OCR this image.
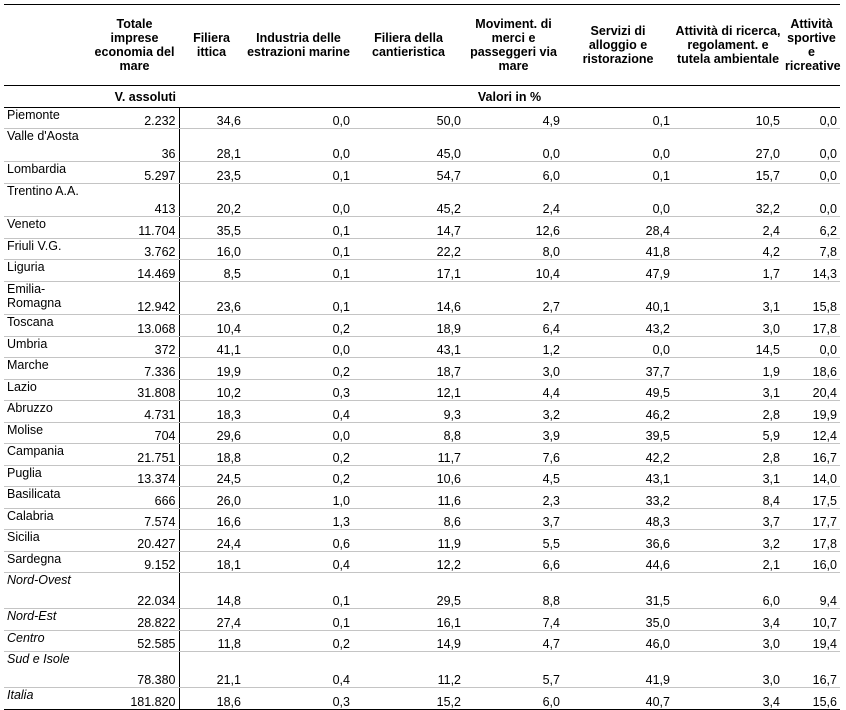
	Totale imprese economia del mare	Filiera ittica	Industria delle estrazioni marine	Filiera della cantieristica	Moviment. di merci e passeggeri via mare	Servizi di alloggio e ristorazione	Attività di ricerca, regolament. e tutela ambientale	Attività sportive e ricreative
	V. assoluti	Valori in %						
Piemonte	2.232	34,6	0,0	50,0	4,9	0,1	10,5	0,0
Valle d'Aosta	36	28,1	0,0	45,0	0,0	0,0	27,0	0,0
Lombardia	5.297	23,5	0,1	54,7	6,0	0,1	15,7	0,0
Trentino A.A.	413	20,2	0,0	45,2	2,4	0,0	32,2	0,0
Veneto	11.704	35,5	0,1	14,7	12,6	28,4	2,4	6,2
Friuli V.G.	3.762	16,0	0,1	22,2	8,0	41,8	4,2	7,8
Liguria	14.469	8,5	0,1	17,1	10,4	47,9	1,7	14,3
Emilia-Romagna	12.942	23,6	0,1	14,6	2,7	40,1	3,1	15,8
Toscana	13.068	10,4	0,2	18,9	6,4	43,2	3,0	17,8
Umbria	372	41,1	0,0	43,1	1,2	0,0	14,5	0,0
Marche	7.336	19,9	0,2	18,7	3,0	37,7	1,9	18,6
Lazio	31.808	10,2	0,3	12,1	4,4	49,5	3,1	20,4
Abruzzo	4.731	18,3	0,4	9,3	3,2	46,2	2,8	19,9
Molise	704	29,6	0,0	8,8	3,9	39,5	5,9	12,4
Campania	21.751	18,8	0,2	11,7	7,6	42,2	2,8	16,7
Puglia	13.374	24,5	0,2	10,6	4,5	43,1	3,1	14,0
Basilicata	666	26,0	1,0	11,6	2,3	33,2	8,4	17,5
Calabria	7.574	16,6	1,3	8,6	3,7	48,3	3,7	17,7
Sicilia	20.427	24,4	0,6	11,9	5,5	36,6	3,2	17,8
Sardegna	9.152	18,1	0,4	12,2	6,6	44,6	2,1	16,0
Nord-Ovest	22.034	14,8	0,1	29,5	8,8	31,5	6,0	9,4
Nord-Est	28.822	27,4	0,1	16,1	7,4	35,0	3,4	10,7
Centro	52.585	11,8	0,2	14,9	4,7	46,0	3,0	19,4
Sud e Isole	78.380	21,1	0,4	11,2	5,7	41,9	3,0	16,7
Italia	181.820	18,6	0,3	15,2	6,0	40,7	3,4	15,6
